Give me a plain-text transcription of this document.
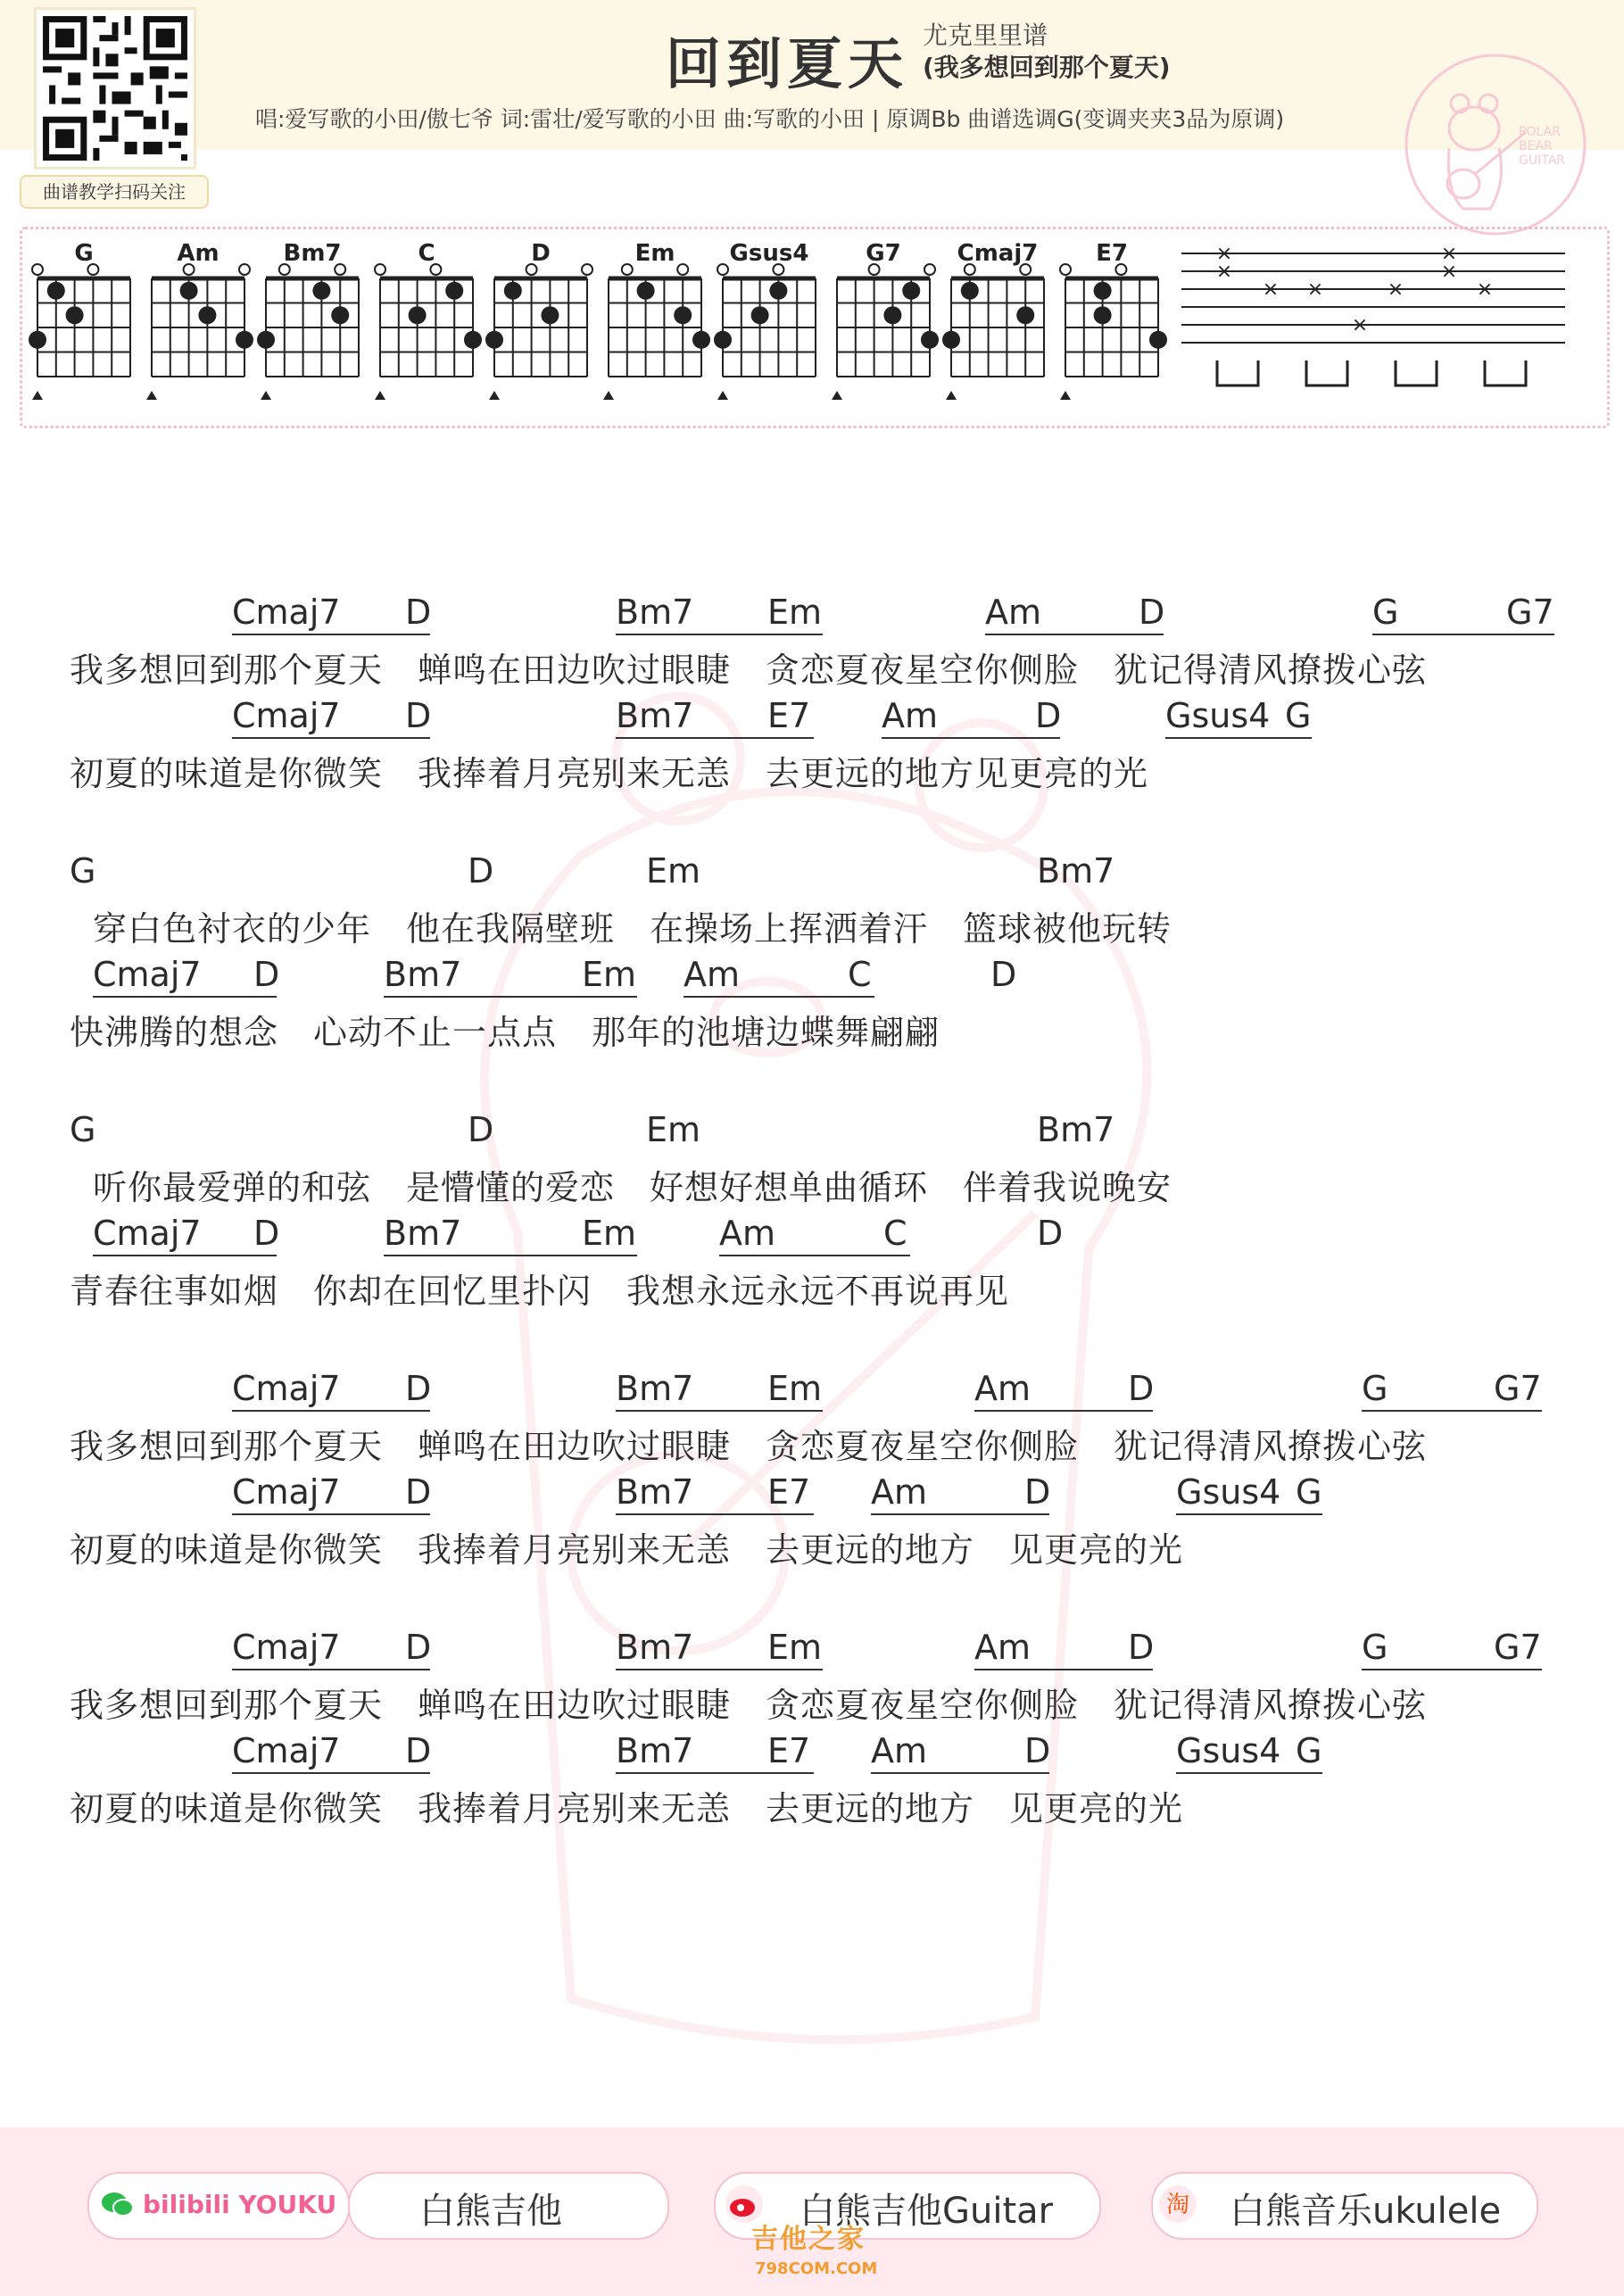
曲谱教学扫码关注
回到夏天 尤克里里谱
(我多想回到那个夏天)
唱:爱写歌的小田/傲七爷 词:雷壮/爱写歌的小田 曲:写歌的小田 | 原调Bb 曲谱选调G(变调夹夹3品为原调)	POLAR
BEAR
GUITAR
G	Am	Bm7	C	D	Em Gsus4 G7 Cmaj7 E7	×
×
× ×
×
×
×
×
×
Cmaj7 D	Bm7 Em	Am	D	G	G7
我多想回到那个夏天　蝉鸣在田边吹过眼睫　贪恋夏夜星空你侧脸　犹记得清风撩拨心弦
Cmaj7 D	Bm7 E7 Am	D	Gsus4 G
初夏的味道是你微笑　我捧着月亮别来无恙　去更远的地方见更亮的光
G	D	Em	Bm7
穿白色衬衣的少年　他在我隔壁班　在操场上挥洒着汗　篮球被他玩转
Cmaj7 D	Bm7	Em Am	C	D
快沸腾的想念　心动不止一点点　那年的池塘边蝶舞翩翩
G	D	Em	Bm7
听你最爱弹的和弦　是懵懂的爱恋　好想好想单曲循环　伴着我说晚安
Cmaj7 D	Bm7	Em Am	C	D
青春往事如烟　你却在回忆里扑闪　我想永远永远不再说再见
Cmaj7 D	Bm7 Em	Am	D	G	G7
我多想回到那个夏天　蝉鸣在田边吹过眼睫　贪恋夏夜星空你侧脸　犹记得清风撩拨心弦
Cmaj7 D	Bm7 E7 Am	D	Gsus4 G
初夏的味道是你微笑　我捧着月亮别来无恙　去更远的地方　见更亮的光
Cmaj7 D	Bm7 Em	Am	D	G	G7
我多想回到那个夏天　蝉鸣在田边吹过眼睫　贪恋夏夜星空你侧脸　犹记得清风撩拨心弦
Cmaj7 D	Bm7 E7 Am	D	Gsus4 G
初夏的味道是你微笑　我捧着月亮别来无恙　去更远的地方　见更亮的光
bilibili YOUKU 白熊吉他	白熊吉他Guitar	淘 白熊音乐ukulele
吉他之家
798COM.COM
